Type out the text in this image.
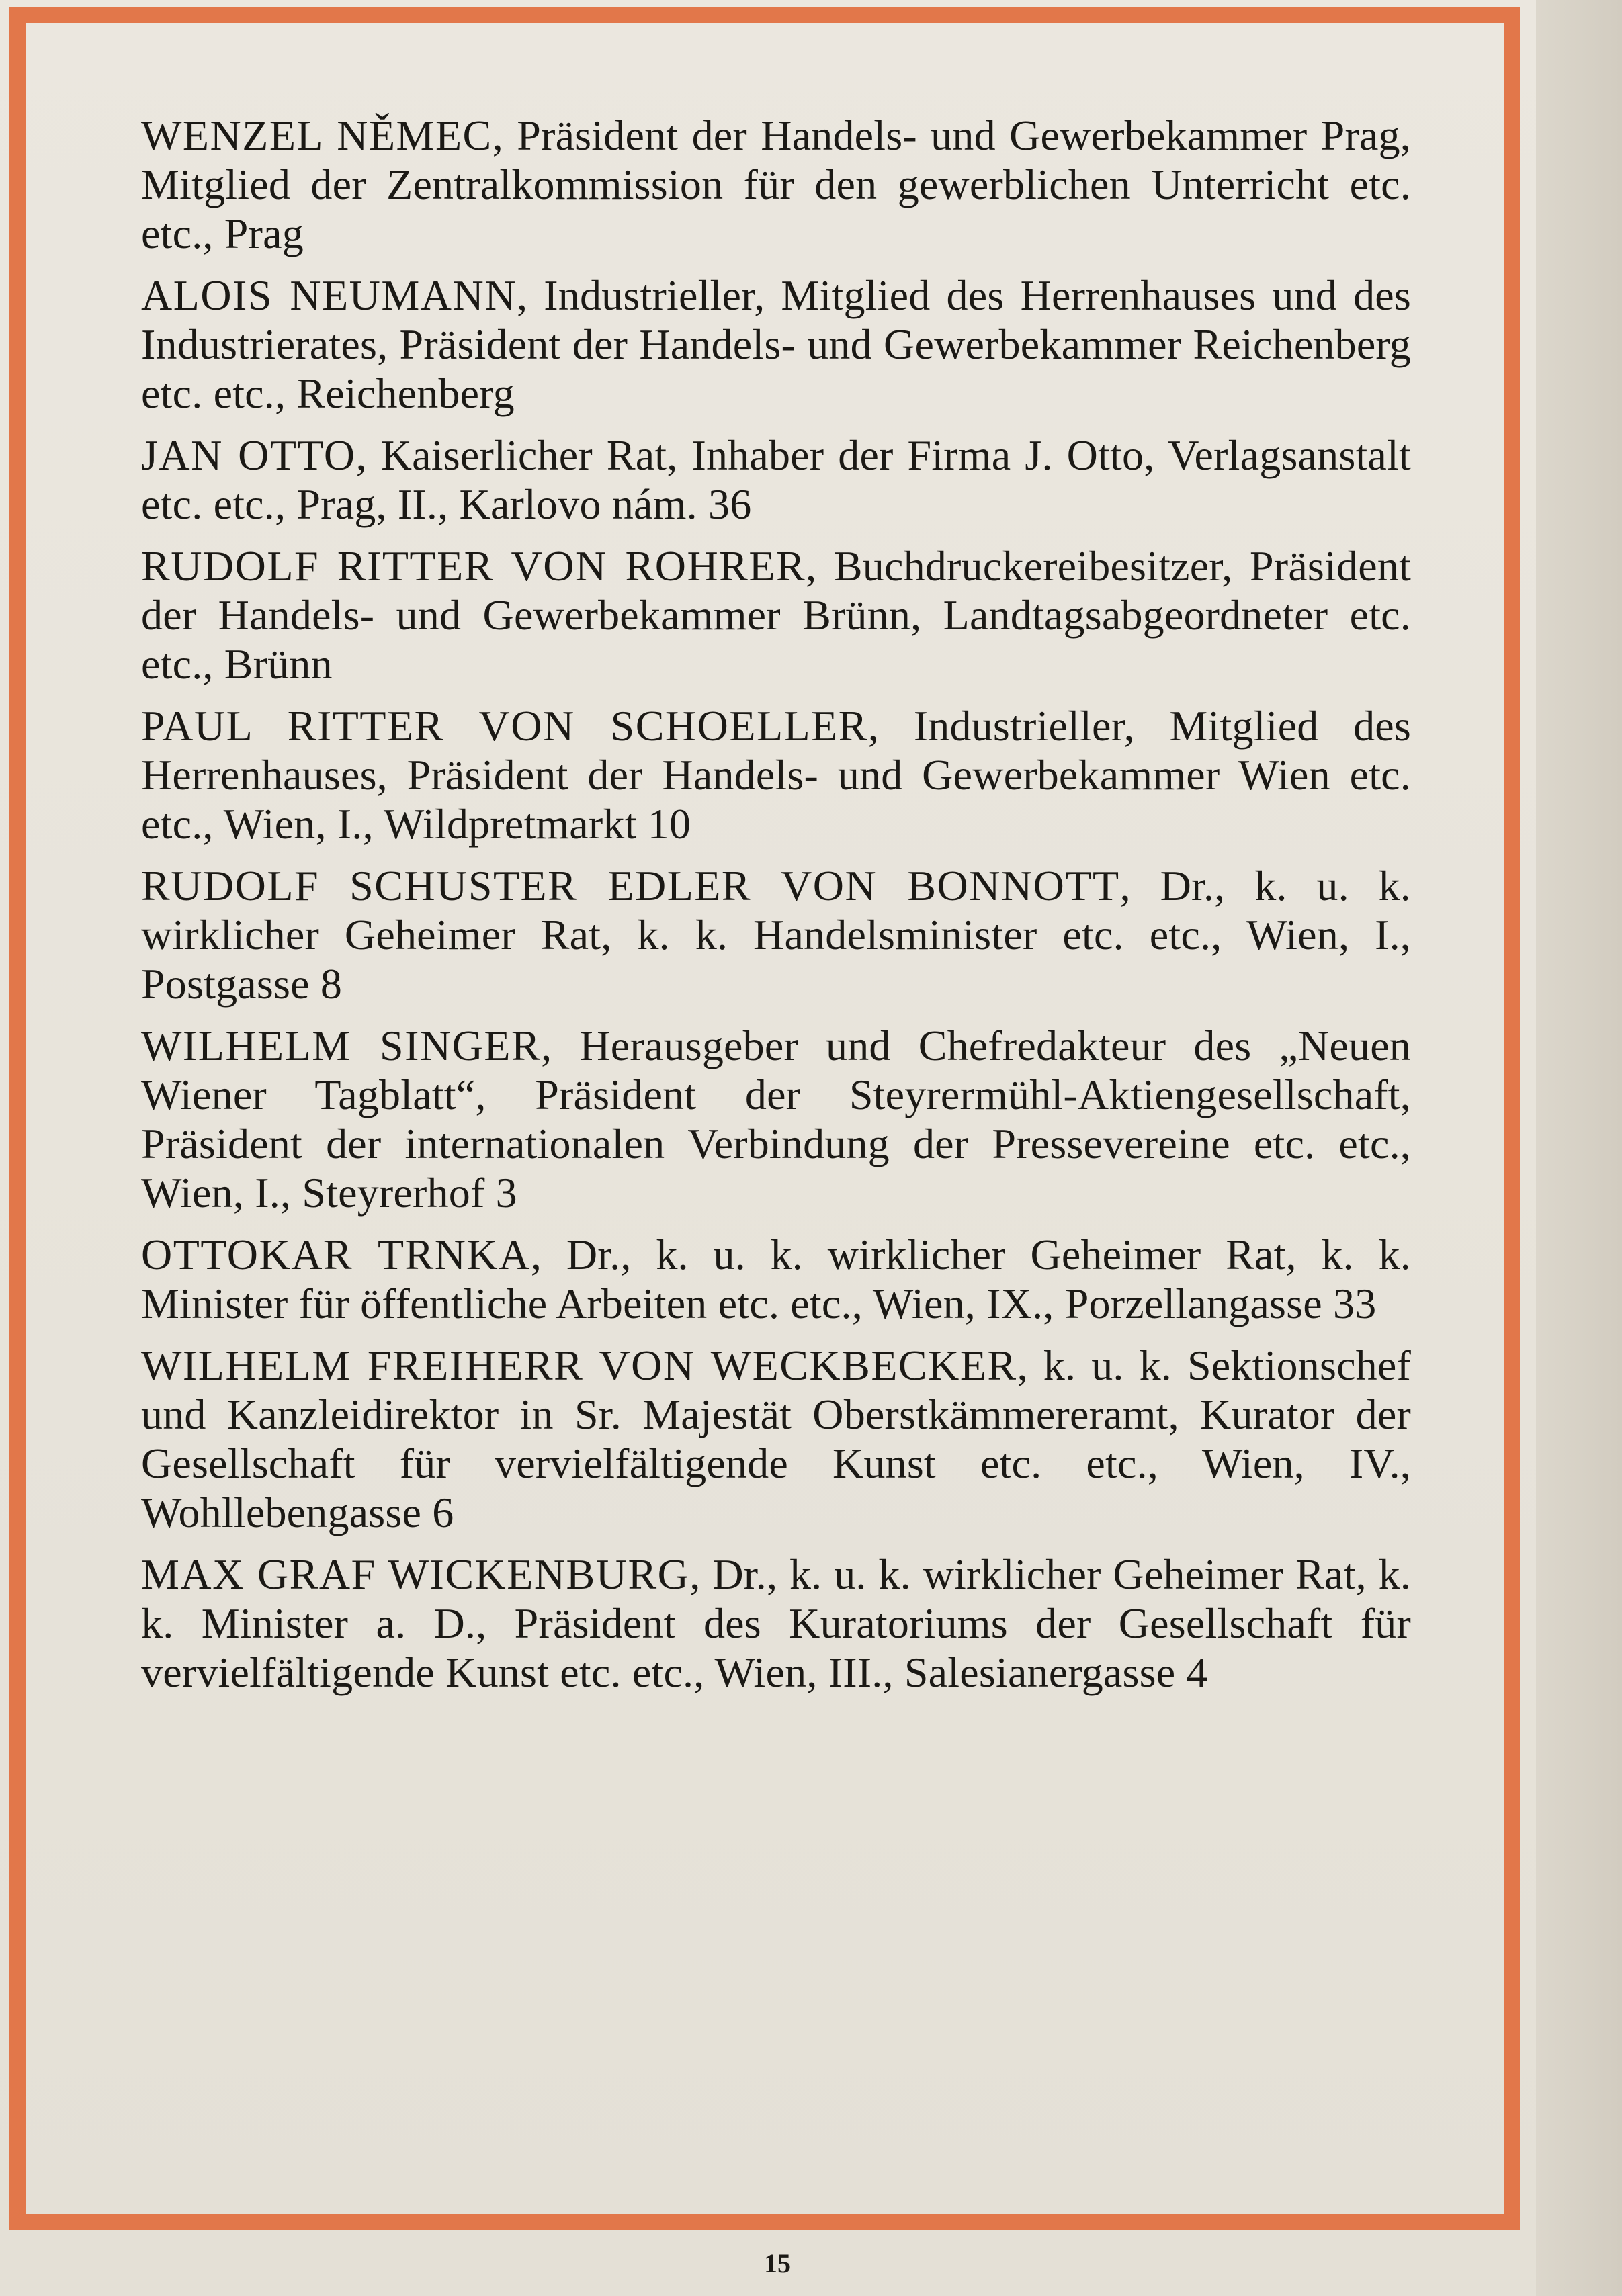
WENZEL NĚMEC, Präsident der Handels- und Gewerbekammer Prag, Mitglied der Zentralkommission für den gewerblichen Unterricht etc. etc., Prag

ALOIS NEUMANN, Industrieller, Mitglied des Herrenhauses und des Industrierates, Präsident der Handels- und Gewerbekammer Reichenberg etc. etc., Reichenberg

JAN OTTO, Kaiserlicher Rat, Inhaber der Firma J. Otto, Verlagsanstalt etc. etc., Prag, II., Karlovo nám. 36

RUDOLF RITTER VON ROHRER, Buchdruckereibesitzer, Präsident der Handels- und Gewerbekammer Brünn, Landtagsabgeordneter etc. etc., Brünn

PAUL RITTER VON SCHOELLER, Industrieller, Mitglied des Herrenhauses, Präsident der Handels- und Gewerbekammer Wien etc. etc., Wien, I., Wildpretmarkt 10

RUDOLF SCHUSTER EDLER VON BONNOTT, Dr., k. u. k. wirklicher Geheimer Rat, k. k. Handelsminister etc. etc., Wien, I., Postgasse 8

WILHELM SINGER, Herausgeber und Chefredakteur des „Neuen Wiener Tagblatt“, Präsident der Steyrermühl-Aktiengesellschaft, Präsident der internationalen Verbindung der Pressevereine etc. etc., Wien, I., Steyrerhof 3

OTTOKAR TRNKA, Dr., k. u. k. wirklicher Geheimer Rat, k. k. Minister für öffentliche Arbeiten etc. etc., Wien, IX., Porzellangasse 33

WILHELM FREIHERR VON WECKBECKER, k. u. k. Sektionschef und Kanzleidirektor in Sr. Majestät Oberstkämmereramt, Kurator der Gesellschaft für vervielfältigende Kunst etc. etc., Wien, IV., Wohllebengasse 6

MAX GRAF WICKENBURG, Dr., k. u. k. wirklicher Geheimer Rat, k. k. Minister a. D., Präsident des Kuratoriums der Gesellschaft für vervielfältigende Kunst etc. etc., Wien, III., Salesianergasse 4

15
